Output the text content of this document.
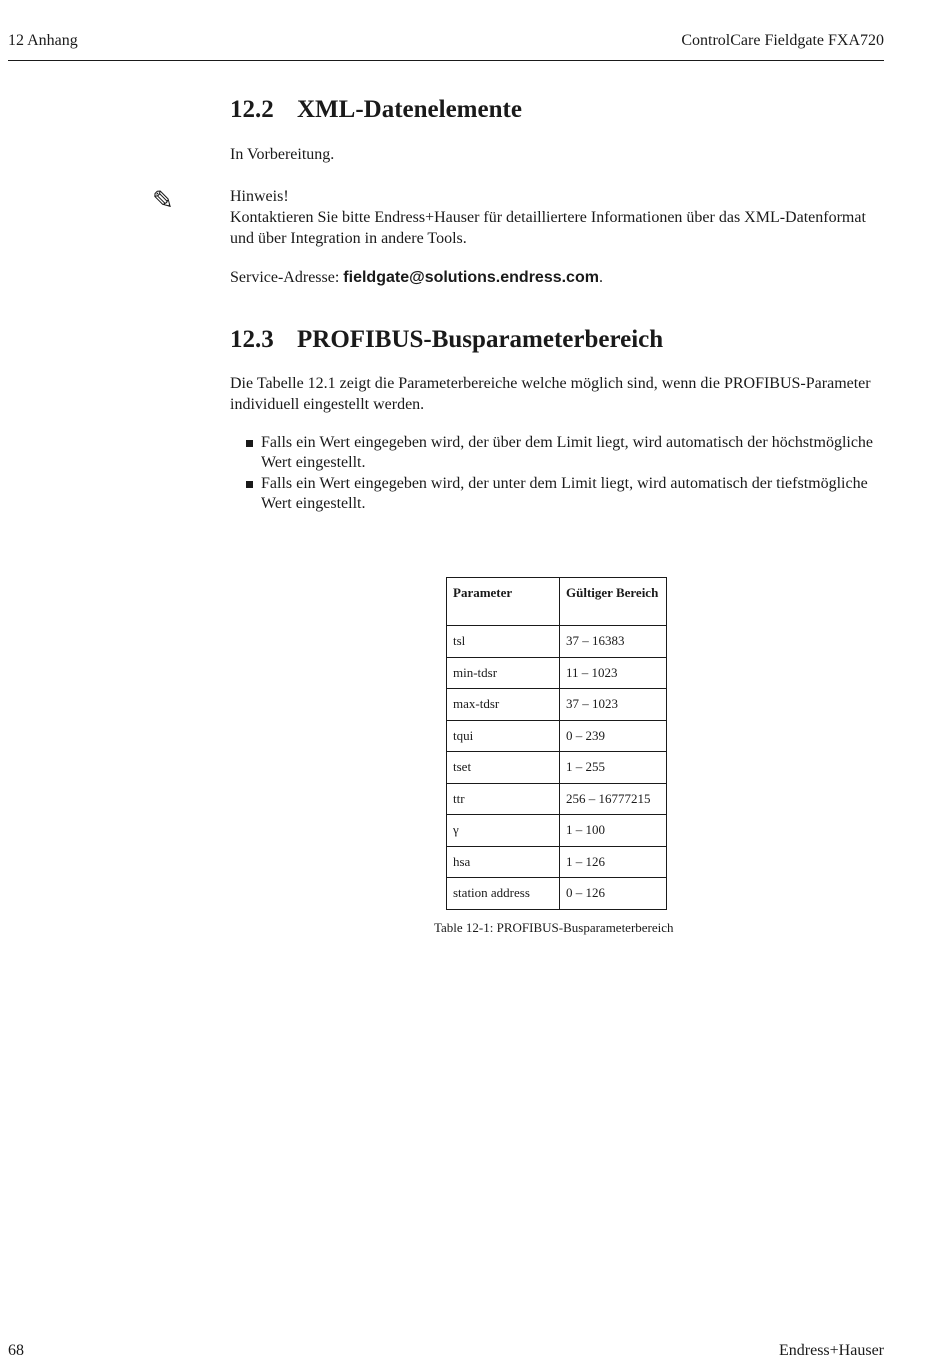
12 Anhang	ControlCare Fieldgate FXA720
12.2 XML-Datenelemente

In Vorbereitung.

✎	Hinweis!
Kontaktieren Sie bitte Endress+Hauser für detailliertere Informationen über das XML-Datenformat und über Integration in andere Tools.

Service-Adresse: fieldgate@solutions.endress.com.

12.3 PROFIBUS-Busparameterbereich

Die Tabelle 12.1 zeigt die Parameterbereiche welche möglich sind, wenn die PROFIBUS-Parameter individuell eingestellt werden.

Falls ein Wert eingegeben wird, der über dem Limit liegt, wird automatisch der höchstmögliche Wert eingestellt.
Falls ein Wert eingegeben wird, der unter dem Limit liegt, wird automatisch der tiefstmögliche Wert eingestellt.
Parameter	Gültiger Bereich
tsl	37 – 16383
min-tdsr	11 – 1023
max-tdsr	37 – 1023
tqui	0 – 239
tset	1 – 255
ttr	256 – 16777215
γ	1 – 100
hsa	1 – 126
station address	0 – 126
Table 12-1: PROFIBUS-Busparameterbereich
68	Endress+Hauser
